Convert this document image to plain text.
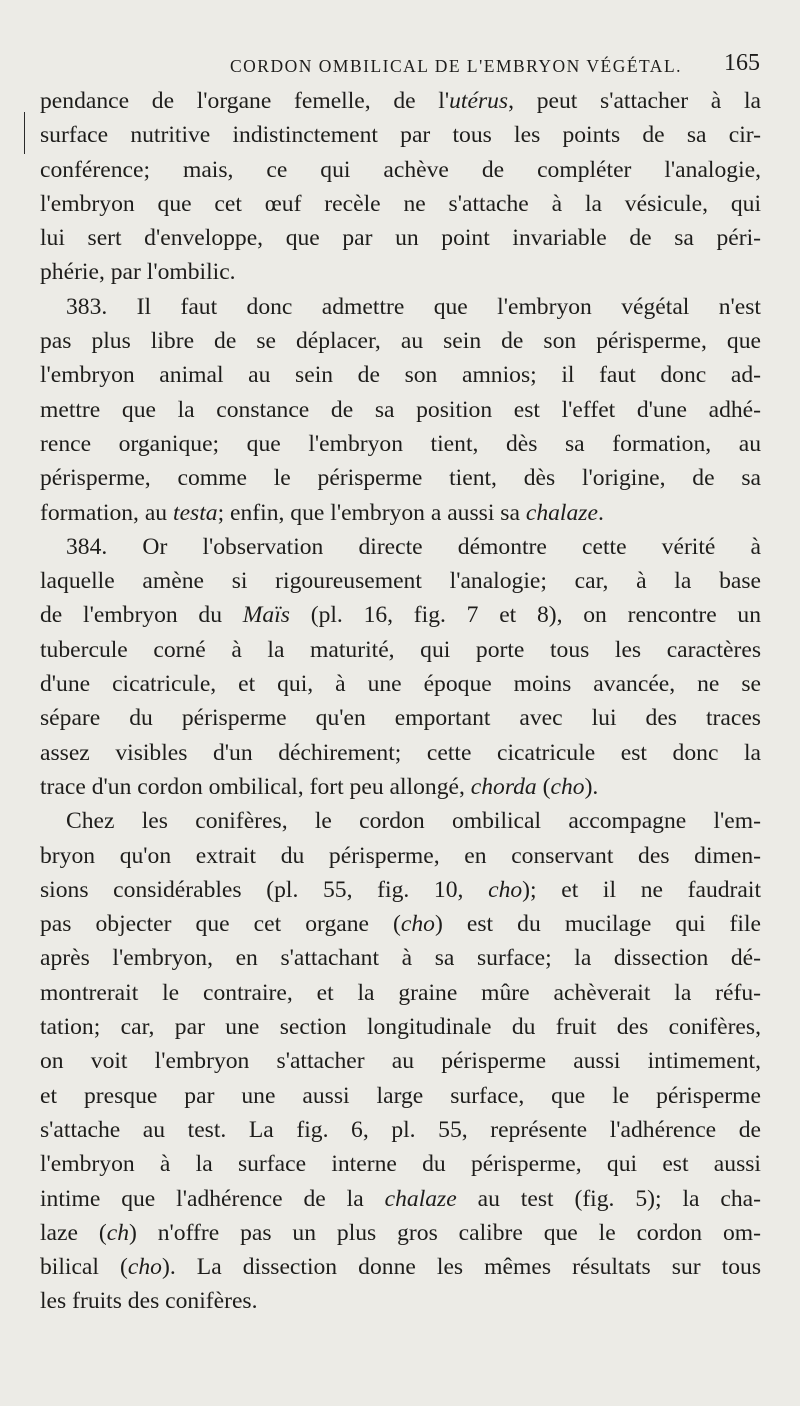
CORDON OMBILICAL DE L'EMBRYON VÉGÉTAL. 165
pendance de l'organe femelle, de l'utérus, peut s'attacher à la
surface nutritive indistinctement par tous les points de sa cir-
conférence; mais, ce qui achève de compléter l'analogie,
l'embryon que cet œuf recèle ne s'attache à la vésicule, qui
lui sert d'enveloppe, que par un point invariable de sa péri-
phérie, par l'ombilic.
383. Il faut donc admettre que l'embryon végétal n'est
pas plus libre de se déplacer, au sein de son périsperme, que
l'embryon animal au sein de son amnios; il faut donc ad-
mettre que la constance de sa position est l'effet d'une adhé-
rence organique; que l'embryon tient, dès sa formation, au
périsperme, comme le périsperme tient, dès l'origine, de sa
formation, au testa; enfin, que l'embryon a aussi sa chalaze.
384. Or l'observation directe démontre cette vérité à
laquelle amène si rigoureusement l'analogie; car, à la base
de l'embryon du Maïs (pl. 16, fig. 7 et 8), on rencontre un
tubercule corné à la maturité, qui porte tous les caractères
d'une cicatricule, et qui, à une époque moins avancée, ne se
sépare du périsperme qu'en emportant avec lui des traces
assez visibles d'un déchirement; cette cicatricule est donc la
trace d'un cordon ombilical, fort peu allongé, chorda (cho).
Chez les conifères, le cordon ombilical accompagne l'em-
bryon qu'on extrait du périsperme, en conservant des dimen-
sions considérables (pl. 55, fig. 10, cho); et il ne faudrait
pas objecter que cet organe (cho) est du mucilage qui file
après l'embryon, en s'attachant à sa surface; la dissection dé-
montrerait le contraire, et la graine mûre achèverait la réfu-
tation; car, par une section longitudinale du fruit des conifères,
on voit l'embryon s'attacher au périsperme aussi intimement,
et presque par une aussi large surface, que le périsperme
s'attache au test. La fig. 6, pl. 55, représente l'adhérence de
l'embryon à la surface interne du périsperme, qui est aussi
intime que l'adhérence de la chalaze au test (fig. 5); la cha-
laze (ch) n'offre pas un plus gros calibre que le cordon om-
bilical (cho). La dissection donne les mêmes résultats sur tous
les fruits des conifères.
